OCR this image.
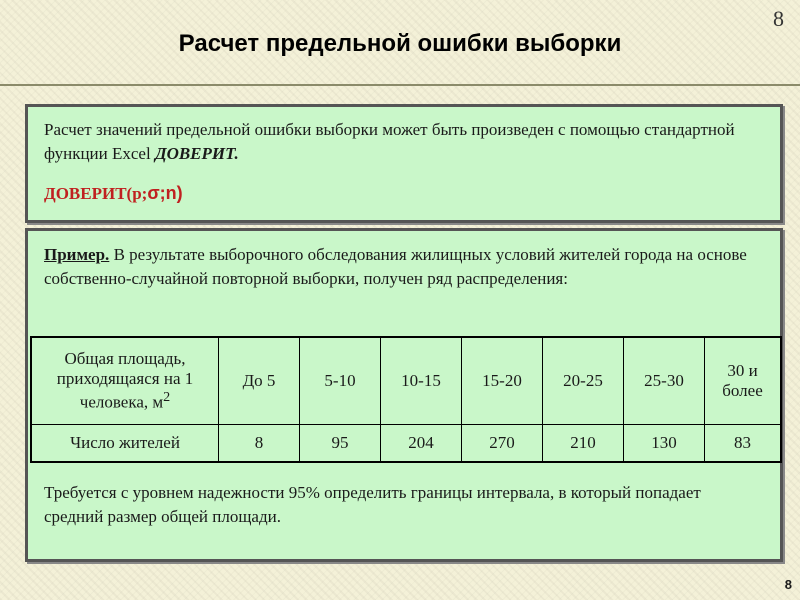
8
Расчет предельной ошибки выборки
Расчет значений предельной ошибки выборки может быть произведен с помощью стандартной функции Excel ДОВЕРИТ.
ДОВЕРИТ(p;σ;n)
Пример. В результате выборочного обследования жилищных условий жителей города на основе собственно-случайной повторной выборки, получен ряд распределения:
Общая площадь, приходящаяся на 1 человека, $м^2$	До 5	5-10	10-15	15-20	20-25	25-30	30 и более
Число жителей	8	95	204	270	210	130	83
Требуется с уровнем надежности 95% определить границы интервала, в который попадает средний размер общей площади.
8
